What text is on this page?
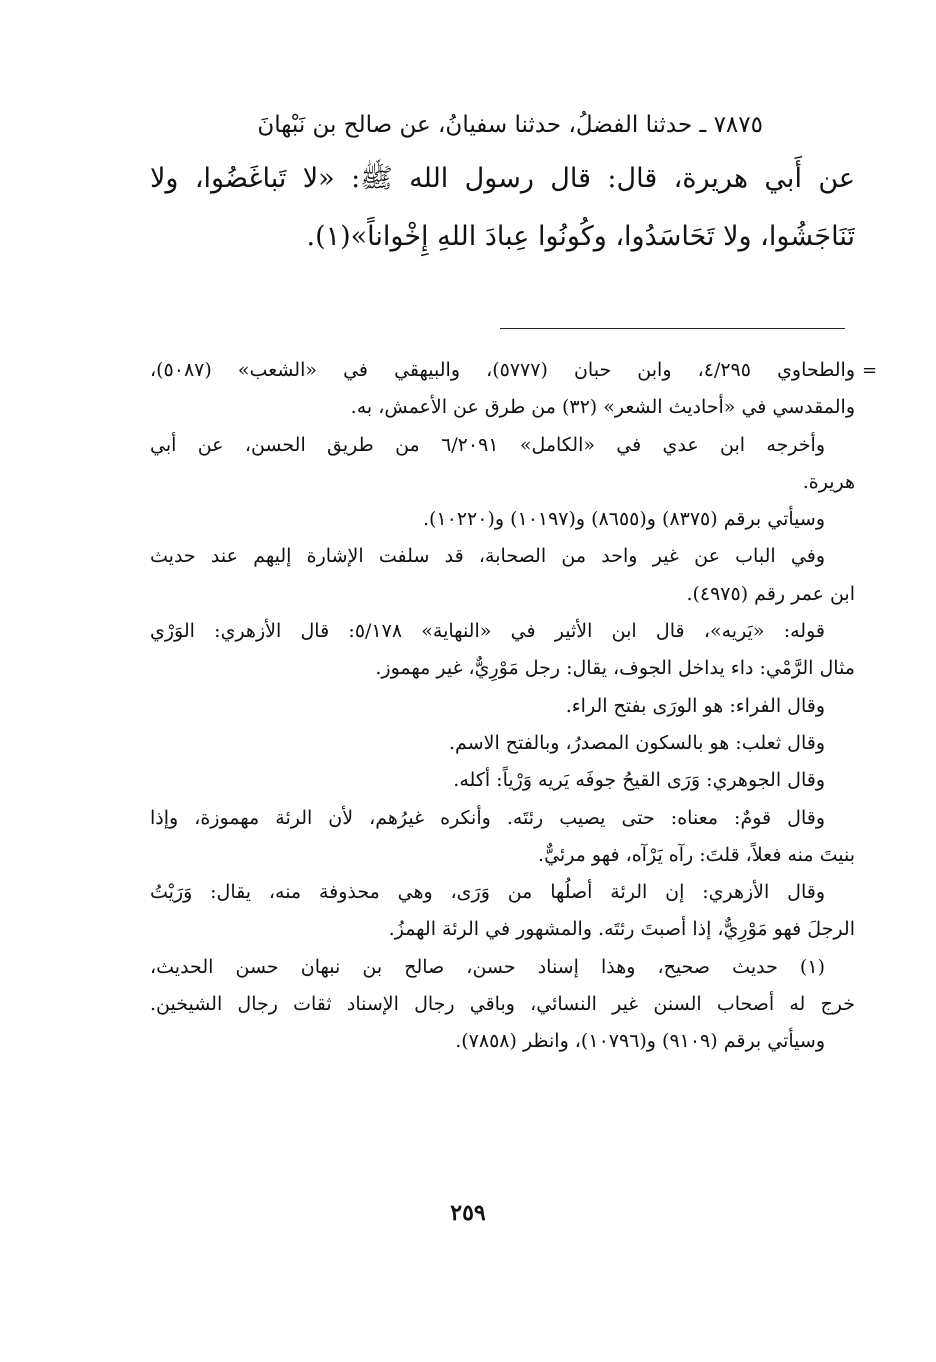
٧٨٧٥ ـ حدثنا الفضلُ، حدثنا سفيانُ، عن صالح بن نَبْهانَ
عن أَبي هريرة، قال: قال رسول الله ﷺ: «لا تَباغَضُوا، ولا
تَنَاجَشُوا، ولا تَحَاسَدُوا، وكُونُوا عِبادَ اللهِ إِخْواناً»(١).
=
والطحاوي ٤/٢٩٥، وابن حبان (٥٧٧٧)، والبيهقي في «الشعب» (٥٠٨٧)،
والمقدسي في «أحاديث الشعر» (٣٢) من طرق عن الأعمش، به.
وأخرجه ابن عدي في «الكامل» ٦/٢٠٩١ من طريق الحسن، عن أبي
هريرة.
وسيأتي برقم (٨٣٧٥) و(٨٦٥٥) و(١٠١٩٧) و(١٠٢٢٠).
وفي الباب عن غير واحد من الصحابة، قد سلفت الإشارة إليهم عند حديث
ابن عمر رقم (٤٩٧٥).
قوله: «يَريه»، قال ابن الأثير في «النهاية» ٥/١٧٨: قال الأزهري: الوَرْي
مثال الرَّمْي: داء يداخل الجوف، يقال: رجل مَوْرِيٌّ، غير مهموز.
وقال الفراء: هو الورَى بفتح الراء.
وقال ثعلب: هو بالسكون المصدرُ، وبالفتح الاسم.
وقال الجوهري: وَرَى القيحُ جوفَه يَريه وَرْياً: أكله.
وقال قومٌ: معناه: حتى يصيب رئتَه. وأنكره غيرُهم، لأن الرئة مهموزة، وإذا
بنيتَ منه فعلاً، قلتَ: رآه يَرْآه، فهو مرئيٌّ.
وقال الأزهري: إن الرئة أصلُها من وَرَى، وهي محذوفة منه، يقال: وَرَيْتُ
الرجلَ فهو مَوْرِيٌّ، إذا أصبتَ رئتَه. والمشهور في الرئة الهمزُ.
(١) حديث صحيح، وهذا إسناد حسن، صالح بن نبهان حسن الحديث،
خرج له أصحاب السنن غير النسائي، وباقي رجال الإسناد ثقات رجال الشيخين.
وسيأتي برقم (٩١٠٩) و(١٠٧٩٦)، وانظر (٧٨٥٨).
٢٥٩
